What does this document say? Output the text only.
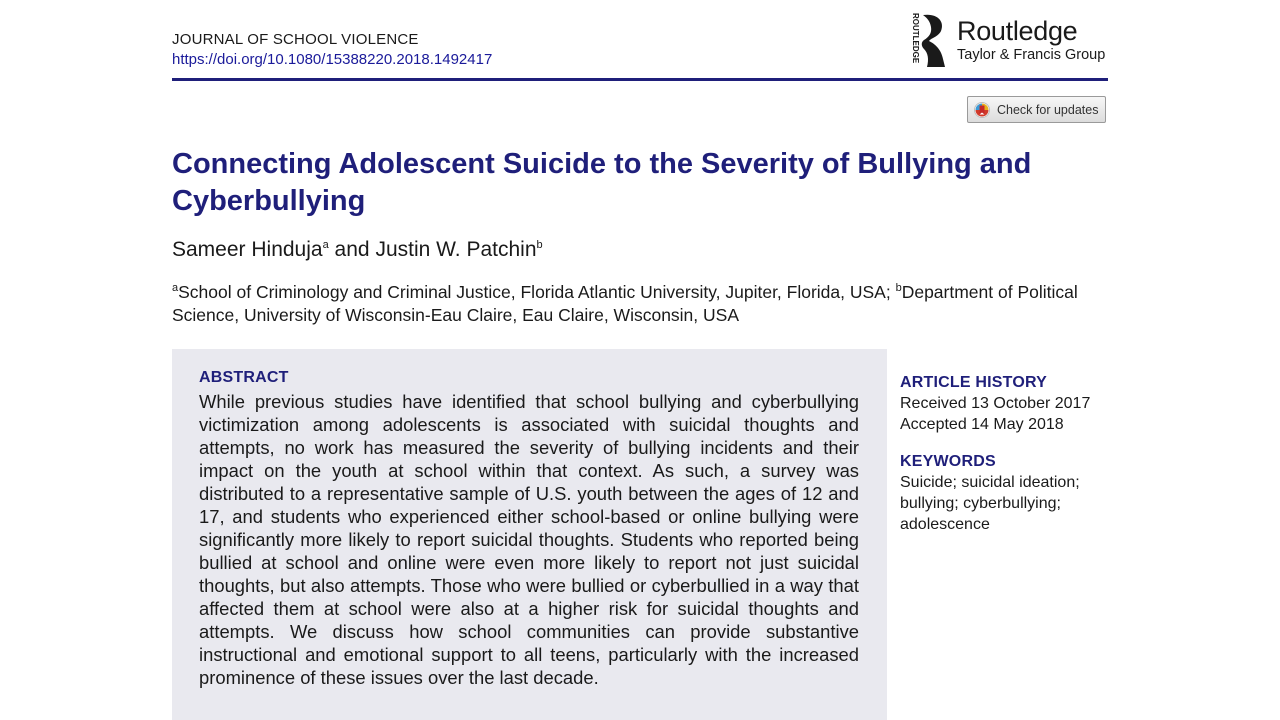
JOURNAL OF SCHOOL VIOLENCE
https://doi.org/10.1080/15388220.2018.1492417	ROUTLEDGE Routledge
Taylor & Francis Group
Check for updates
Connecting Adolescent Suicide to the Severity of Bullying and Cyberbullying
Sameer Hinduja$^a$ and Justin W. Patchin$^b$
$^a$School of Criminology and Criminal Justice, Florida Atlantic University, Jupiter, Florida, USA; $^b$Department of Political Science, University of Wisconsin-Eau Claire, Eau Claire, Wisconsin, USA
ABSTRACT
While previous studies have identified that school bullying and cyberbullying victimization among adolescents is associated with suicidal thoughts and attempts, no work has measured the severity of bullying incidents and their impact on the youth at school within that context. As such, a survey was distributed to a representative sample of U.S. youth between the ages of 12 and 17, and students who experienced either school-based or online bullying were significantly more likely to report suicidal thoughts. Students who reported being bullied at school and online were even more likely to report not just suicidal thoughts, but also attempts. Those who were bullied or cyberbullied in a way that affected them at school were also at a higher risk for suicidal thoughts and attempts. We discuss how school communities can provide substantive instructional and emotional support to all teens, particularly with the increased prominence of these issues over the last decade.
ARTICLE HISTORY
Received 13 October 2017
Accepted 14 May 2018
KEYWORDS
Suicide; suicidal ideation;
bullying; cyberbullying;
adolescence
